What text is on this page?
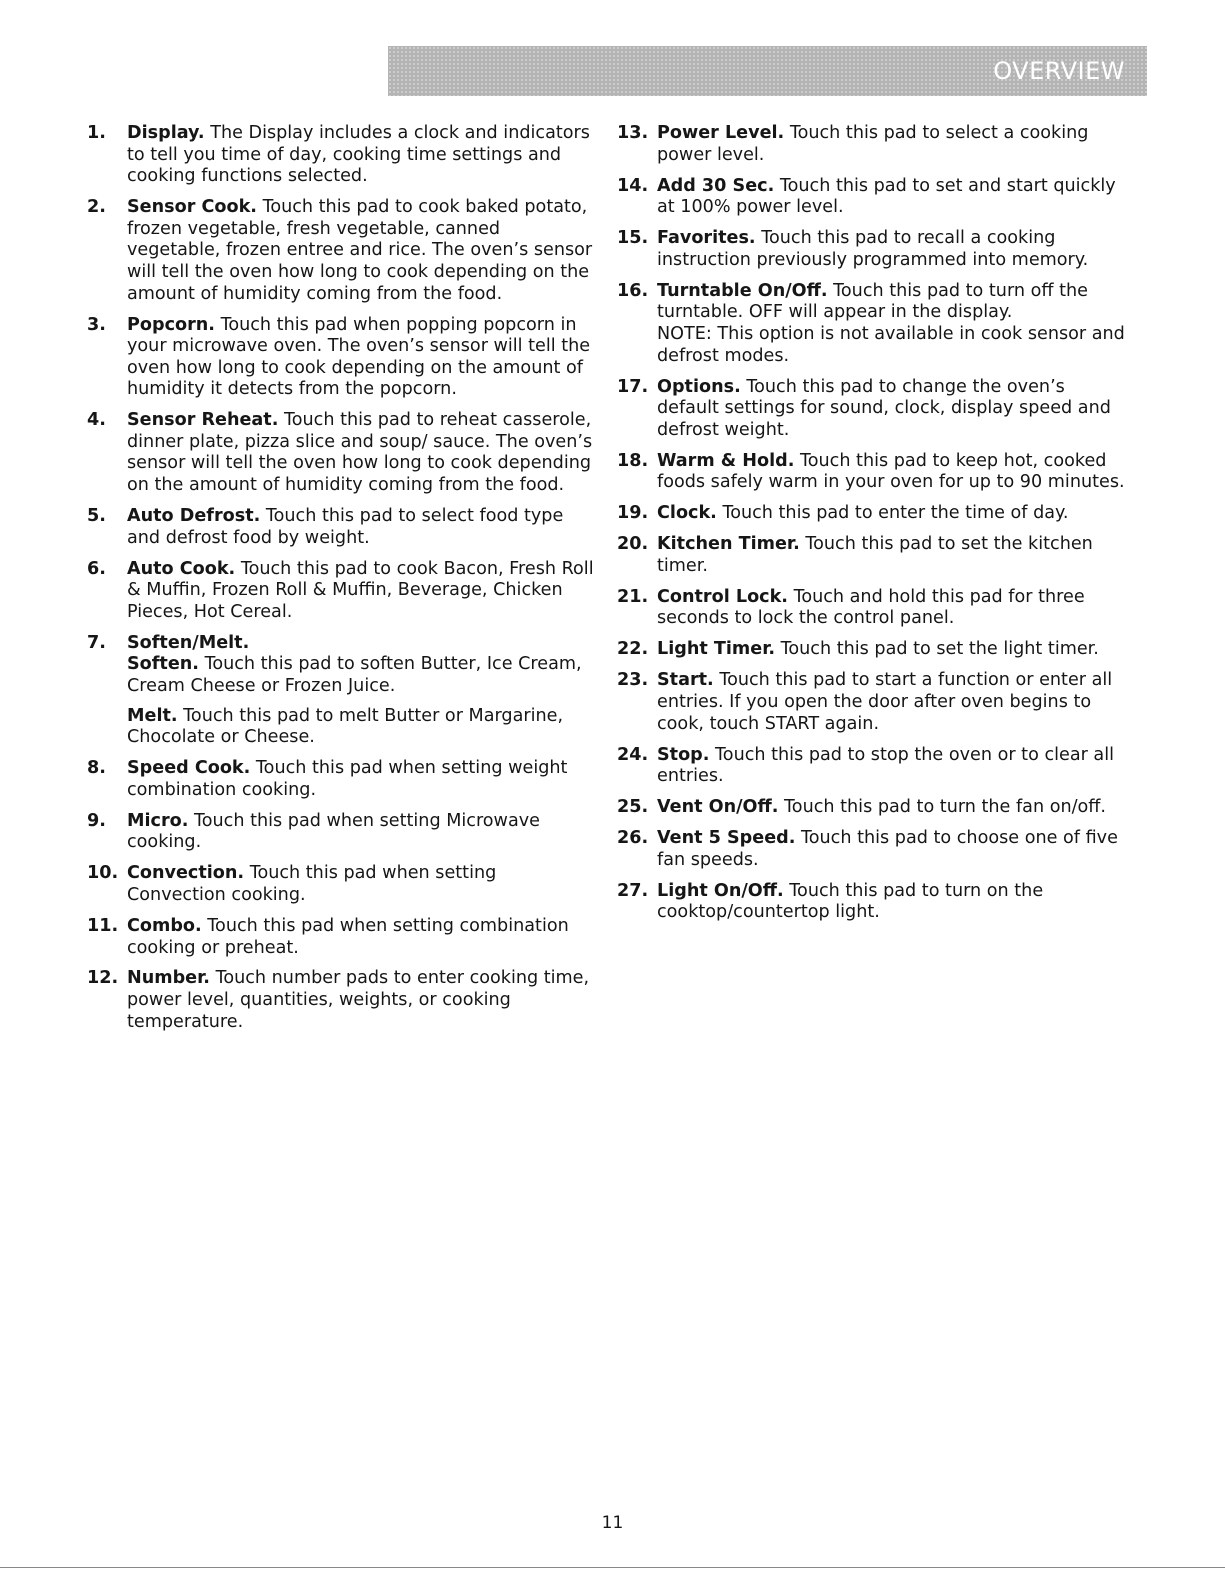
OVERVIEW
1. Display. The Display includes a clock and indicators to tell you time of day, cooking time settings and cooking functions selected.
2. Sensor Cook. Touch this pad to cook baked potato, frozen vegetable, fresh vegetable, canned vegetable, frozen entree and rice. The oven’s sensor will tell the oven how long to cook depending on the amount of humidity coming from the food.
3. Popcorn. Touch this pad when popping popcorn in your microwave oven. The oven’s sensor will tell the oven how long to cook depending on the amount of humidity it detects from the popcorn.
4. Sensor Reheat. Touch this pad to reheat casserole, dinner plate, pizza slice and soup/ sauce. The oven’s sensor will tell the oven how long to cook depending on the amount of humidity coming from the food.
5. Auto Defrost. Touch this pad to select food type and defrost food by weight.
6. Auto Cook. Touch this pad to cook Bacon, Fresh Roll & Muffin, Frozen Roll & Muffin, Beverage, Chicken Pieces, Hot Cereal.
7. Soften/Melt.
Soften. Touch this pad to soften Butter, Ice Cream, Cream Cheese or Frozen Juice.
Melt. Touch this pad to melt Butter or Margarine, Chocolate or Cheese.
8. Speed Cook. Touch this pad when setting weight combination cooking.
9. Micro. Touch this pad when setting Microwave cooking.
10. Convection. Touch this pad when setting Convection cooking.
11. Combo. Touch this pad when setting combination cooking or preheat.
12. Number. Touch number pads to enter cooking time, power level, quantities, weights, or cooking temperature.
13. Power Level. Touch this pad to select a cooking power level.
14. Add 30 Sec. Touch this pad to set and start quickly at 100% power level.
15. Favorites. Touch this pad to recall a cooking instruction previously programmed into memory.
16. Turntable On/Off. Touch this pad to turn off the turntable. OFF will appear in the display.
NOTE: This option is not available in cook sensor and defrost modes.
17. Options. Touch this pad to change the oven’s default settings for sound, clock, display speed and defrost weight.
18. Warm & Hold. Touch this pad to keep hot, cooked foods safely warm in your oven for up to 90 minutes.
19. Clock. Touch this pad to enter the time of day.
20. Kitchen Timer. Touch this pad to set the kitchen timer.
21. Control Lock. Touch and hold this pad for three seconds to lock the control panel.
22. Light Timer. Touch this pad to set the light timer.
23. Start. Touch this pad to start a function or enter all entries. If you open the door after oven begins to cook, touch START again.
24. Stop. Touch this pad to stop the oven or to clear all entries.
25. Vent On/Off. Touch this pad to turn the fan on/off.
26. Vent 5 Speed. Touch this pad to choose one of five fan speeds.
27. Light On/Off. Touch this pad to turn on the cooktop/countertop light.
11
